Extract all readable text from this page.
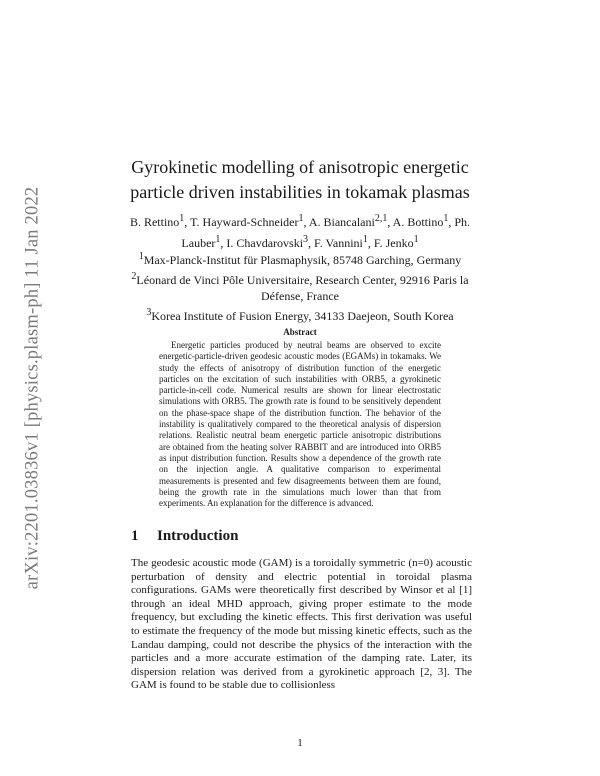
arXiv:2201.03836v1 [physics.plasm-ph] 11 Jan 2022
Gyrokinetic modelling of anisotropic energetic
particle driven instabilities in tokamak plasmas
B. Rettino$^1$, T. Hayward-Schneider$^1$, A. Biancalani$^{2,1}$, A. Bottino$^1$, Ph. Lauber$^1$, I. Chavdarovski$^3$, F. Vannini$^1$, F. Jenko$^1$
$^1$Max-Planck-Institut für Plasmaphysik, 85748 Garching, Germany
$^2$Léonard de Vinci Pôle Universitaire, Research Center, 92916 Paris la Défense, France
$^3$Korea Institute of Fusion Energy, 34133 Daejeon, South Korea
Abstract

Energetic particles produced by neutral beams are observed to excite energetic-particle-driven geodesic acoustic modes (EGAMs) in tokamaks. We study the effects of anisotropy of distribution function of the energetic particles on the excitation of such instabilities with ORB5, a gyrokinetic particle-in-cell code. Numerical results are shown for linear electrostatic simulations with ORB5. The growth rate is found to be sensitively dependent on the phase-space shape of the distribution function. The behavior of the instability is qualitatively compared to the theoretical analysis of dispersion relations. Realistic neutral beam energetic particle anisotropic distributions are obtained from the heating solver RABBIT and are introduced into ORB5 as input distribution function. Results show a dependence of the growth rate on the injection angle. A qualitative comparison to experimental measurements is presented and few disagreements between them are found, being the growth rate in the simulations much lower than that from experiments. An explanation for the difference is advanced.

1 Introduction

The geodesic acoustic mode (GAM) is a toroidally symmetric (n=0) acoustic perturbation of density and electric potential in toroidal plasma configurations. GAMs were theoretically first described by Winsor et al [1] through an ideal MHD approach, giving proper estimate to the mode frequency, but excluding the kinetic effects. This first derivation was useful to estimate the frequency of the mode but missing kinetic effects, such as the Landau damping, could not describe the physics of the interaction with the particles and a more accurate estimation of the damping rate. Later, its dispersion relation was derived from a gyrokinetic approach [2, 3]. The GAM is found to be stable due to collisionless

1
